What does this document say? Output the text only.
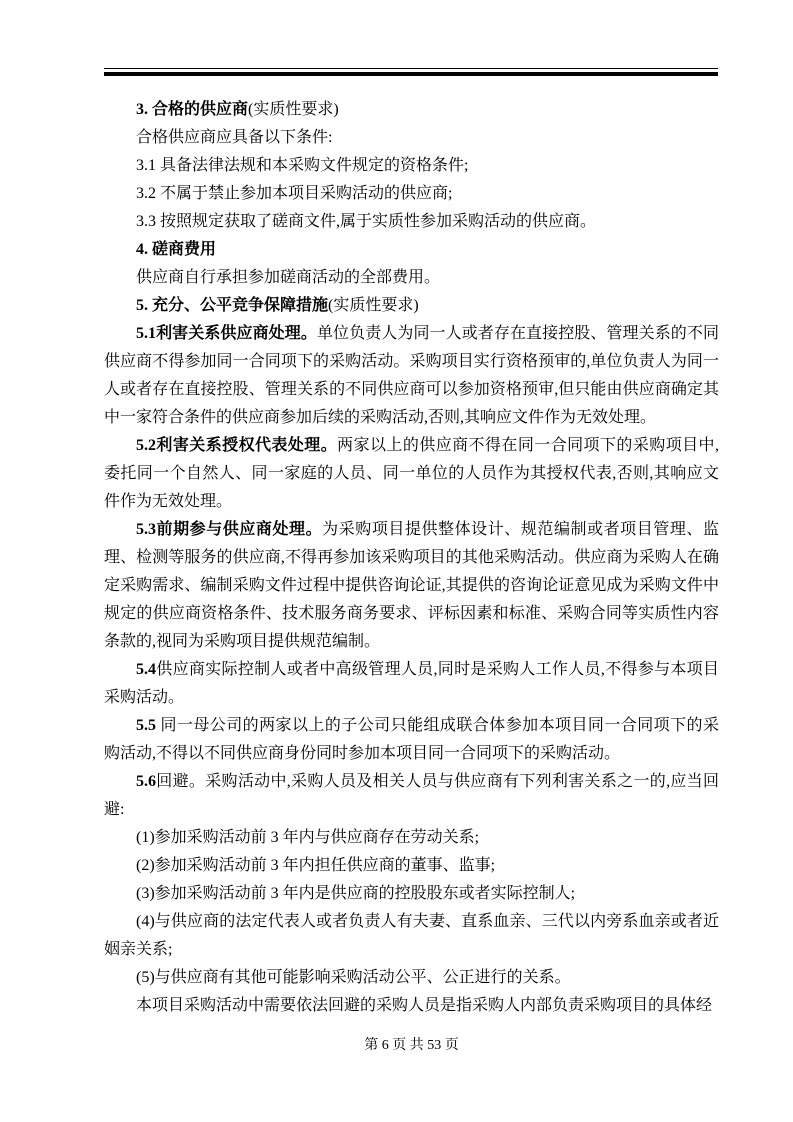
3. 合格的供应商(实质性要求)

合格供应商应具备以下条件:

3.1 具备法律法规和本采购文件规定的资格条件;

3.2 不属于禁止参加本项目采购活动的供应商;

3.3 按照规定获取了磋商文件,属于实质性参加采购活动的供应商。

4. 磋商费用

供应商自行承担参加磋商活动的全部费用。

5. 充分、公平竞争保障措施(实质性要求)

5.1利害关系供应商处理。单位负责人为同一人或者存在直接控股、管理关系的不同供应商不得参加同一合同项下的采购活动。采购项目实行资格预审的,单位负责人为同一人或者存在直接控股、管理关系的不同供应商可以参加资格预审,但只能由供应商确定其中一家符合条件的供应商参加后续的采购活动,否则,其响应文件作为无效处理。

5.2利害关系授权代表处理。两家以上的供应商不得在同一合同项下的采购项目中,委托同一个自然人、同一家庭的人员、同一单位的人员作为其授权代表,否则,其响应文件作为无效处理。

5.3前期参与供应商处理。为采购项目提供整体设计、规范编制或者项目管理、监理、检测等服务的供应商,不得再参加该采购项目的其他采购活动。供应商为采购人在确定采购需求、编制采购文件过程中提供咨询论证,其提供的咨询论证意见成为采购文件中规定的供应商资格条件、技术服务商务要求、评标因素和标准、采购合同等实质性内容条款的,视同为采购项目提供规范编制。

5.4供应商实际控制人或者中高级管理人员,同时是采购人工作人员,不得参与本项目采购活动。

5.5 同一母公司的两家以上的子公司只能组成联合体参加本项目同一合同项下的采购活动,不得以不同供应商身份同时参加本项目同一合同项下的采购活动。

5.6回避。采购活动中,采购人员及相关人员与供应商有下列利害关系之一的,应当回避:

(1)参加采购活动前 3 年内与供应商存在劳动关系;

(2)参加采购活动前 3 年内担任供应商的董事、监事;

(3)参加采购活动前 3 年内是供应商的控股股东或者实际控制人;

(4)与供应商的法定代表人或者负责人有夫妻、直系血亲、三代以内旁系血亲或者近姻亲关系;

(5)与供应商有其他可能影响采购活动公平、公正进行的关系。

本项目采购活动中需要依法回避的采购人员是指采购人内部负责采购项目的具体经

第 6 页 共 53 页
